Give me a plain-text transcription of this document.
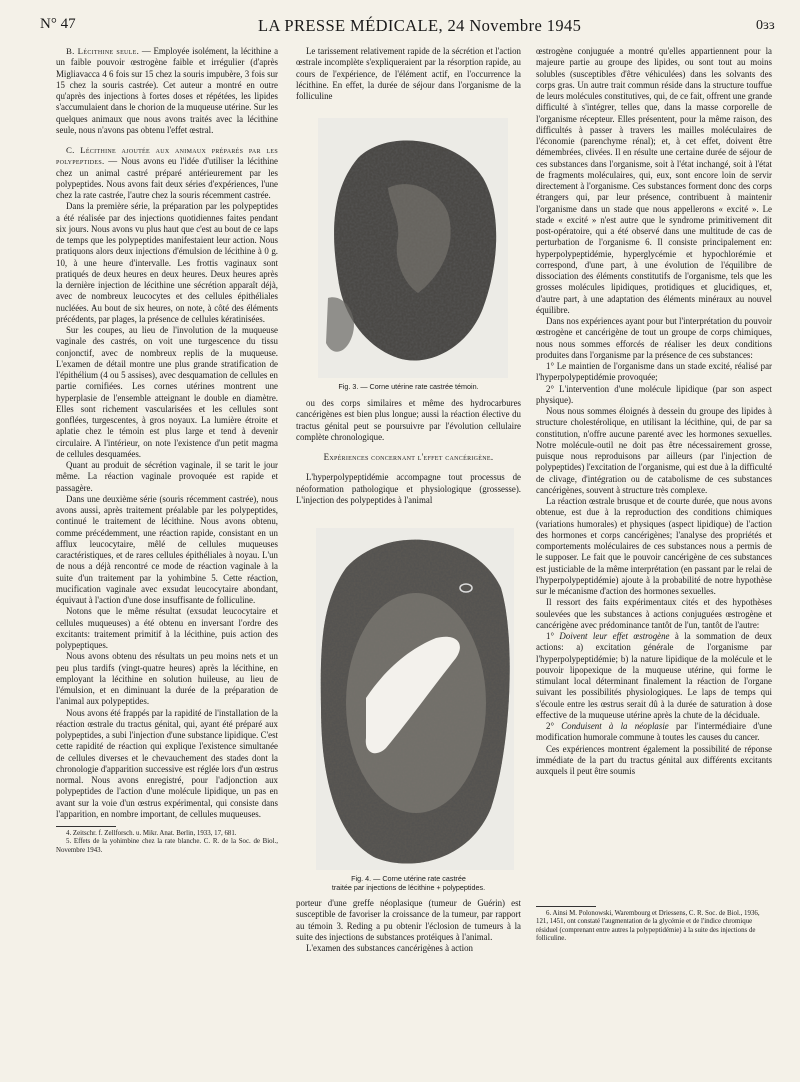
N° 47	LA PRESSE MÉDICALE, 24 Novembre 1945	0ɜɜ

B. Lécithine seule. — Employée isolément, la lécithine a un faible pouvoir œstrogène faible et irrégulier (d'après Migliavacca 4 6 fois sur 15 chez la souris impubère, 3 fois sur 15 chez la souris castrée). Cet auteur a montré en outre qu'après des injections à fortes doses et répétées, les lipides s'accumulaient dans le chorion de la muqueuse utérine. Sur les quelques animaux que nous avons traités avec la lécithine seule, nous n'avons pas obtenu l'effet œstral.

C. Lécithine ajoutée aux animaux préparés par les polypeptides. — Nous avons eu l'idée d'utiliser la lécithine chez un animal castré préparé antérieurement par les polypeptides. Nous avons fait deux séries d'expériences, l'une chez la rate castrée, l'autre chez la souris récemment castrée.

Dans la première série, la préparation par les polypeptides a été réalisée par des injections quotidiennes faites pendant six jours. Nous avons vu plus haut que c'est au bout de ce laps de temps que les polypeptides manifestaient leur action. Nous pratiquons alors deux injections d'émulsion de lécithine à 0 g. 10, à une heure d'intervalle. Les frottis vaginaux sont pratiqués de deux heures en deux heures. Deux heures après la dernière injection de lécithine une sécrétion apparaît déjà, avec de nombreux leucocytes et des cellules épithéliales nucléées. Au bout de six heures, on note, à côté des éléments précédents, par plages, la présence de cellules kératinisées.

Sur les coupes, au lieu de l'involution de la muqueuse vaginale des castrés, on voit une turgescence du tissu conjonctif, avec de nombreux replis de la muqueuse. L'examen de détail montre une plus grande stratification de l'épithélium (4 ou 5 assises), avec desquamation de cellules en partie cornifiées. Les cornes utérines montrent une hyperplasie de l'ensemble atteignant le double en diamètre. Elles sont richement vascularisées et les cellules sont gonflées, turgescentes, à gros noyaux. La lumière étroite et aplatie chez le témoin est plus large et tend à devenir circulaire. A l'intérieur, on note l'existence d'un petit magma de cellules desquamées.

Quant au produit de sécrétion vaginale, il se tarit le jour même. La réaction vaginale provoquée est rapide et passagère.

Dans une deuxième série (souris récemment castrée), nous avons aussi, après traitement préalable par les polypeptides, continué le traitement de lécithine. Nous avons obtenu, comme précédemment, une réaction rapide, consistant en un afflux leucocytaire, mêlé de cellules muqueuses caractéristiques, et de rares cellules épithéliales à noyau. L'un de nous a déjà rencontré ce mode de réaction vaginale à la suite d'un traitement par la yohimbine 5. Cette réaction, mucification vaginale avec exsudat leucocytaire abondant, équivaut à l'action d'une dose insuffisante de folliculine.

Notons que le même résultat (exsudat leucocytaire et cellules muqueuses) a été obtenu en inversant l'ordre des excitants: traitement primitif à la lécithine, puis action des polypeptiques.

Nous avons obtenu des résultats un peu moins nets et un peu plus tardifs (vingt-quatre heures) après la lécithine, en employant la lécithine en solution huileuse, au lieu de l'émulsion, et en diminuant la durée de la préparation de l'animal aux polypeptides.

Nous avons été frappés par la rapidité de l'installation de la réaction œstrale du tractus génital, qui, ayant été préparé aux polypeptides, a subi l'injection d'une substance lipidique. C'est cette rapidité de réaction qui explique l'existence simultanée de cellules diverses et le chevauchement des stades dont la chronologie d'apparition successive est réglée lors d'un œstrus normal. Nous avons enregistré, pour l'adjonction aux polypeptides de l'action d'une molécule lipidique, un pas en avant sur la voie d'un œstrus expérimental, qui consiste dans l'apparition, en nombre important, de cellules muqueuses.

4. Zeitschr. f. Zellforsch. u. Mikr. Anat. Berlin, 1933, 17, 681.

5. Effets de la yohimbine chez la rate blanche. C. R. de la Soc. de Biol., Novembre 1943.

Le tarissement relativement rapide de la sécrétion et l'action œstrale incomplète s'expliqueraient par la résorption rapide, au cours de l'expérience, de l'élément actif, en l'occurrence la lécithine. En effet, la durée de séjour dans l'organisme de la folliculine

Fig. 3. — Corne utérine rate castrée témoin.

ou des corps similaires et même des hydrocarbures cancérigènes est bien plus longue; aussi la réaction élective du tractus génital peut se poursuivre par l'évolution cellulaire complète chronologique.

Expériences concernant l'effet cancérigène.

L'hyperpolypeptidémie accompagne tout processus de néoformation pathologique et physiologique (grossesse). L'injection des polypeptides à l'animal

Fig. 4. — Corne utérine rate castrée
traitée par injections de lécithine + polypeptides.

porteur d'une greffe néoplasique (tumeur de Guérin) est susceptible de favoriser la croissance de la tumeur, par rapport au témoin 3. Reding a pu obtenir l'éclosion de tumeurs à la suite des injections de substances protéiques à l'animal.

L'examen des substances cancérigènes à action

œstrogène conjuguée a montré qu'elles appartiennent pour la majeure partie au groupe des lipides, ou sont tout au moins solubles (susceptibles d'être véhiculées) dans les solvants des corps gras. Un autre trait commun réside dans la structure touffue de leurs molécules constitutives, qui, de ce fait, offrent une grande difficulté à s'intégrer, telles que, dans la masse corporelle de l'organisme récepteur. Elles présentent, pour la même raison, des difficultés à passer à travers les mailles moléculaires de l'économie (parenchyme rénal); et, à cet effet, doivent être démembrées, clivées. Il en résulte une certaine durée de séjour de ces substances dans l'organisme, soit à l'état inchangé, soit à l'état de fragments moléculaires, qui, eux, sont encore loin de servir directement à l'organisme. Ces substances forment donc des corps étrangers qui, par leur présence, contribuent à maintenir l'organisme dans un stade que nous appellerons « excité ». Le stade « excité » n'est autre que le syndrome primitivement dit post-opératoire, qui a été observé dans une multitude de cas de perturbation de l'organisme 6. Il consiste principalement en: hyperpolypeptidémie, hyperglycémie et hypochlorémie et correspond, d'une part, à une évolution de l'équilibre de dissociation des éléments constitutifs de l'organisme, tels que les grosses molécules lipidiques, protidiques et glucidiques, et, d'autre part, à une adaptation des éléments minéraux au nouvel équilibre.

Dans nos expériences ayant pour but l'interprétation du pouvoir œstrogène et cancérigène de tout un groupe de corps chimiques, nous nous sommes efforcés de réaliser les deux conditions produites dans l'organisme par la présence de ces substances:

1° Le maintien de l'organisme dans un stade excité, réalisé par l'hyperpolypeptidémie provoquée;

2° L'intervention d'une molécule lipidique (par son aspect physique).

Nous nous sommes éloignés à dessein du groupe des lipides à structure cholestérolique, en utilisant la lécithine, qui, de par sa constitution, n'offre aucune parenté avec les hormones sexuelles. Notre molécule-outil ne doit pas être nécessairement grosse, puisque nous reproduisons par ailleurs (par l'injection de polypeptides) l'excitation de l'organisme, qui est due à la difficulté de clivage, d'intégration ou de catabolisme de ces substances cancérigènes, souvent à structure très complexe.

La réaction œstrale brusque et de courte durée, que nous avons obtenue, est due à la reproduction des conditions chimiques (variations humorales) et physiques (aspect lipidique) de l'action des hormones et corps cancérigènes; l'analyse des propriétés et comportements moléculaires de ces substances nous a permis de le supposer. Le fait que le pouvoir cancérigène de ces substances est justiciable de la même interprétation (en passant par le relai de l'hyperpolypeptidémie) ajoute à la probabilité de notre hypothèse sur le mécanisme d'action des hormones sexuelles.

Il ressort des faits expérimentaux cités et des hypothèses soulevées que les substances à actions conjuguées œstrogène et cancérigène avec prédominance tantôt de l'un, tantôt de l'autre:

1° Doivent leur effet œstrogène à la sommation de deux actions: a) excitation générale de l'organisme par l'hyperpolypeptidémie; b) la nature lipidique de la molécule et le pouvoir lipopexique de la muqueuse utérine, qui forme le stimulant local déterminant finalement la réaction de l'organe suivant les possibilités physiologiques. Le laps de temps qui s'écoule entre les œstrus serait dû à la durée de saturation à dose effective de la muqueuse utérine après la chute de la déciduale.

2° Conduisent à la néoplasie par l'intermédiaire d'une modification humorale commune à toutes les causes du cancer.

Ces expériences montrent également la possibilité de réponse immédiate de la part du tractus génital aux différents excitants auxquels il peut être soumis

6. Ainsi M. Polonowski, Warembourg et Driessens, C. R. Soc. de Biol., 1936, 121, 1451, ont constaté l'augmentation de la glycémie et de l'indice chromique résiduel (comprenant entre autres la polypeptidémie) à la suite des injections de folliculine.
